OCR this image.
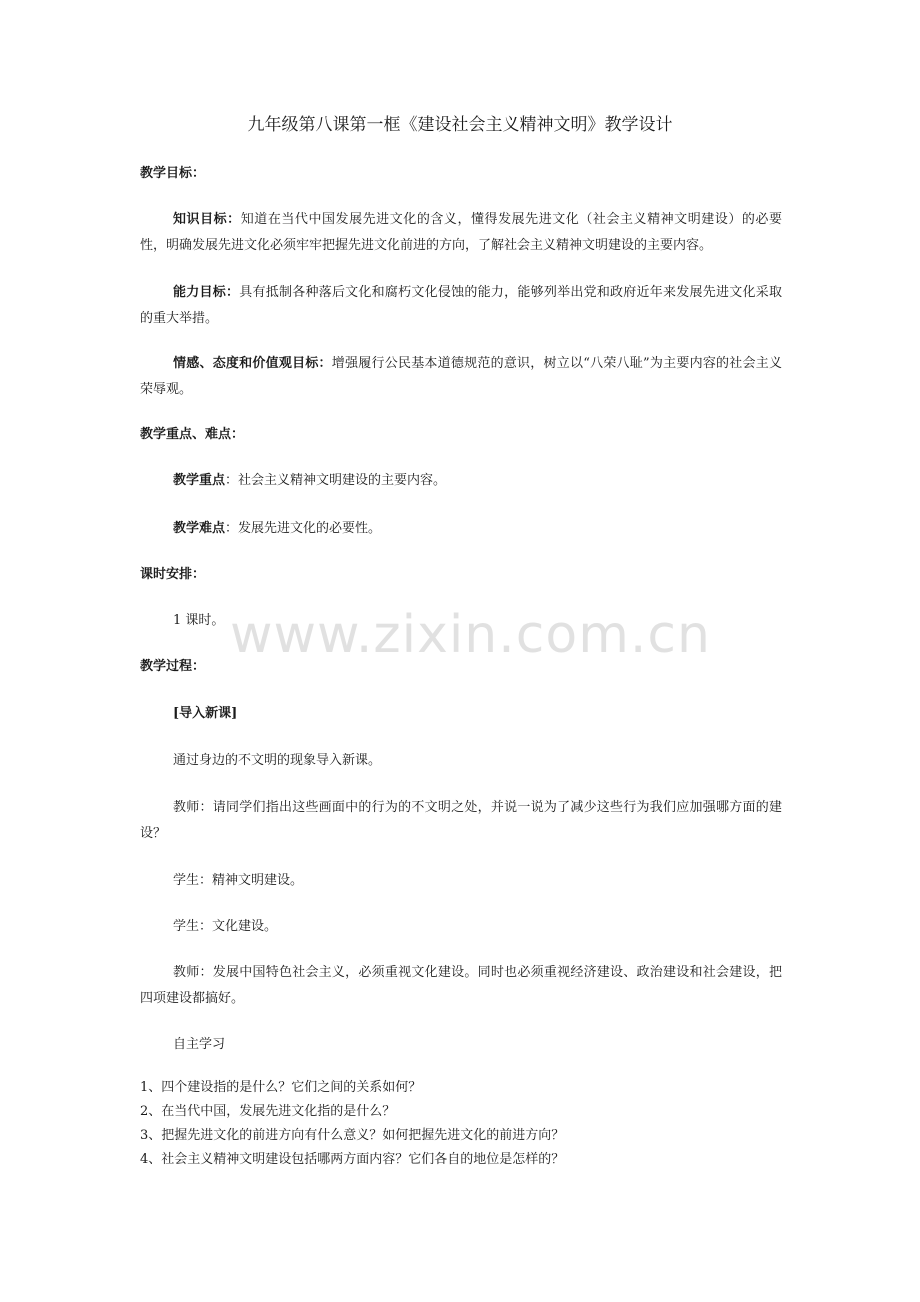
九年级第八课第一框《建设社会主义精神文明》教学设计
教学目标：
知识目标：知道在当代中国发展先进文化的含义，懂得发展先进文化（社会主义精神文明建设）的必要性，明确发展先进文化必须牢牢把握先进文化前进的方向，了解社会主义精神文明建设的主要内容。
能力目标：具有抵制各种落后文化和腐朽文化侵蚀的能力，能够列举出党和政府近年来发展先进文化采取的重大举措。
情感、态度和价值观目标：增强履行公民基本道德规范的意识，树立以“八荣八耻”为主要内容的社会主义荣辱观。
教学重点、难点：
教学重点：社会主义精神文明建设的主要内容。
教学难点：发展先进文化的必要性。
课时安排：
1 课时。
教学过程：
[导入新课]
通过身边的不文明的现象导入新课。
教师：请同学们指出这些画面中的行为的不文明之处，并说一说为了减少这些行为我们应加强哪方面的建设？
学生：精神文明建设。
学生：文化建设。
教师：发展中国特色社会主义，必须重视文化建设。同时也必须重视经济建设、政治建设和社会建设，把四项建设都搞好。
自主学习
1、四个建设指的是什么？它们之间的关系如何？
2、在当代中国，发展先进文化指的是什么？
3、把握先进文化的前进方向有什么意义？如何把握先进文化的前进方向？
4、社会主义精神文明建设包括哪两方面内容？它们各自的地位是怎样的？
www.zixin.com.cn
